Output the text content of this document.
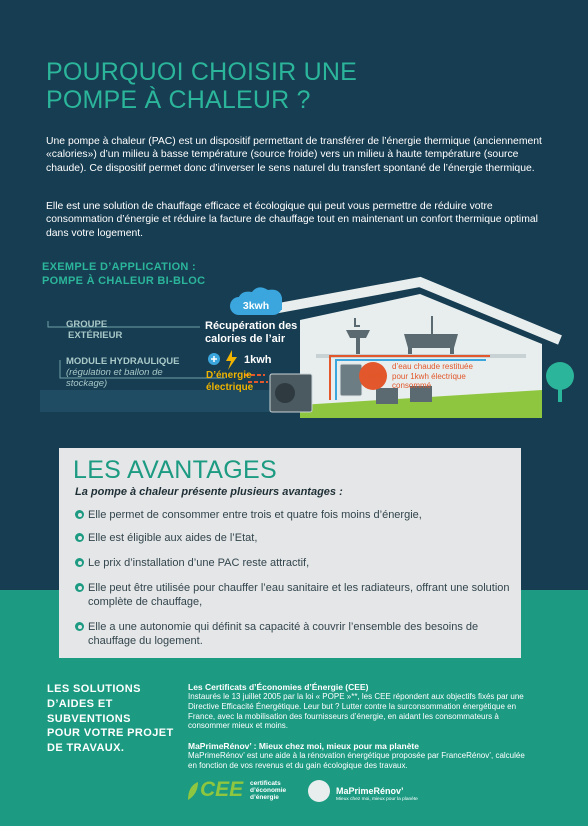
POURQUOI CHOISIR UNE
POMPE À CHALEUR ?
Une pompe à chaleur (PAC) est un dispositif permettant de transférer de l’énergie thermique (anciennement «calories») d’un milieu à basse température (source froide) vers un milieu à haute température (source chaude). Ce dispositif permet donc d’inverser le sens naturel du transfert spontané de l’énergie thermique.
Elle est une solution de chauffage efficace et écologique qui peut vous permettre de réduire votre consommation d’énergie et réduire la facture de chauffage tout en maintenant un confort thermique optimal dans votre logement.
EXEMPLE D’APPLICATION :
POMPE À CHALEUR BI-BLOC
3kwh
GROUPE
EXTÉRIEUR
MODULE HYDRAULIQUE
(régulation et ballon de
stockage)
Récupération des
calories de l’air
1kwh
D’énergie
électrique
4kwh
d’eau chaude restituée
pour 1kwh électrique
consommé
LES AVANTAGES
La pompe à chaleur présente plusieurs avantages :
Elle permet de consommer entre trois et quatre fois moins d’énergie,
Elle est éligible aux aides de l’Etat,
Le prix d’installation d’une PAC reste attractif,
Elle peut être utilisée pour chauffer l’eau sanitaire et les radiateurs, offrant une solution complète de chauffage,
Elle a une autonomie qui définit sa capacité à couvrir l’ensemble des besoins de chauffage du logement.
LES SOLUTIONS
D’AIDES ET
SUBVENTIONS
POUR VOTRE PROJET
DE TRAVAUX.
Les Certificats d’Économies d’Énergie (CEE)
Instaurés le 13 juillet 2005 par la loi « POPE »**, les CEE répondent aux objectifs fixés par une Directive Efficacité Énergétique. Leur but ? Lutter contre la surconsommation énergétique en France, avec la mobilisation des fournisseurs d’énergie, en aidant les consommateurs à consommer mieux et moins.
MaPrimeRénov’ : Mieux chez moi, mieux pour ma planète
MaPrimeRénov’ est une aide à la rénovation énergétique proposée par FranceRénov’, calculée en fonction de vos revenus et du gain écologique des travaux.
CEE certificats
d’économie
d’énergie
MaPrimeRénov’
Mieux chez moi, mieux pour la planète
